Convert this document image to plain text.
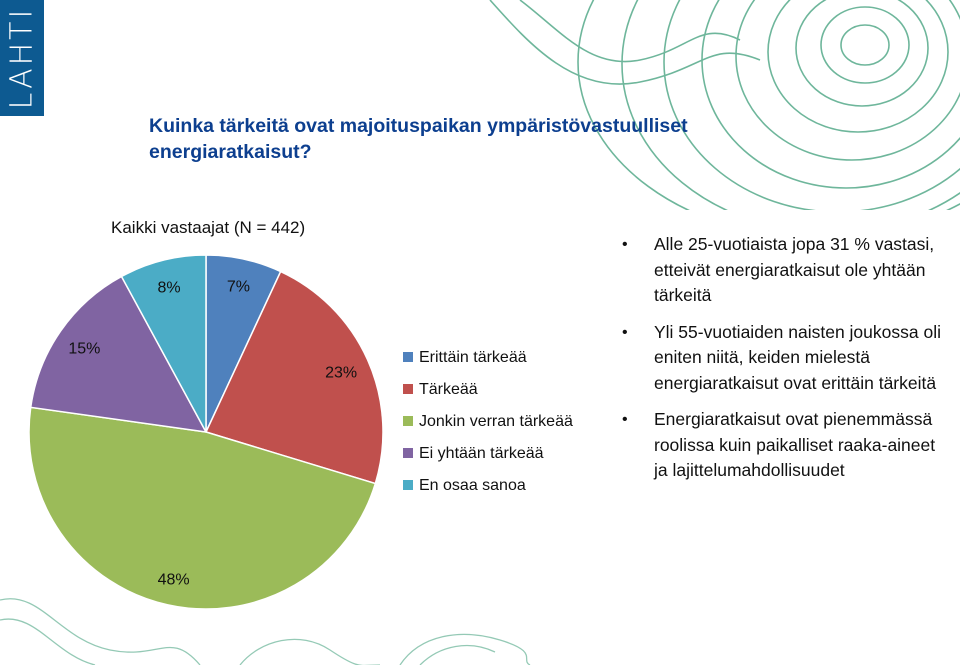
LAHTI
Kuinka tärkeitä ovat majoituspaikan ympäristövastuulliset energiaratkaisut?
Kaikki vastaajat (N = 442)
7%
23%
48%
15%
8%
Erittäin tärkeää
Tärkeää
Jonkin verran tärkeää
Ei yhtään tärkeää
En osaa sanoa
• Alle 25-vuotiaista jopa 31 % vastasi, etteivät energiaratkaisut ole yhtään tärkeitä
• Yli 55-vuotiaiden naisten joukossa oli eniten niitä, keiden mielestä energiaratkaisut ovat erittäin tärkeitä
• Energiaratkaisut ovat pienemmässä roolissa kuin paikalliset raaka-aineet ja lajittelumahdollisuudet
